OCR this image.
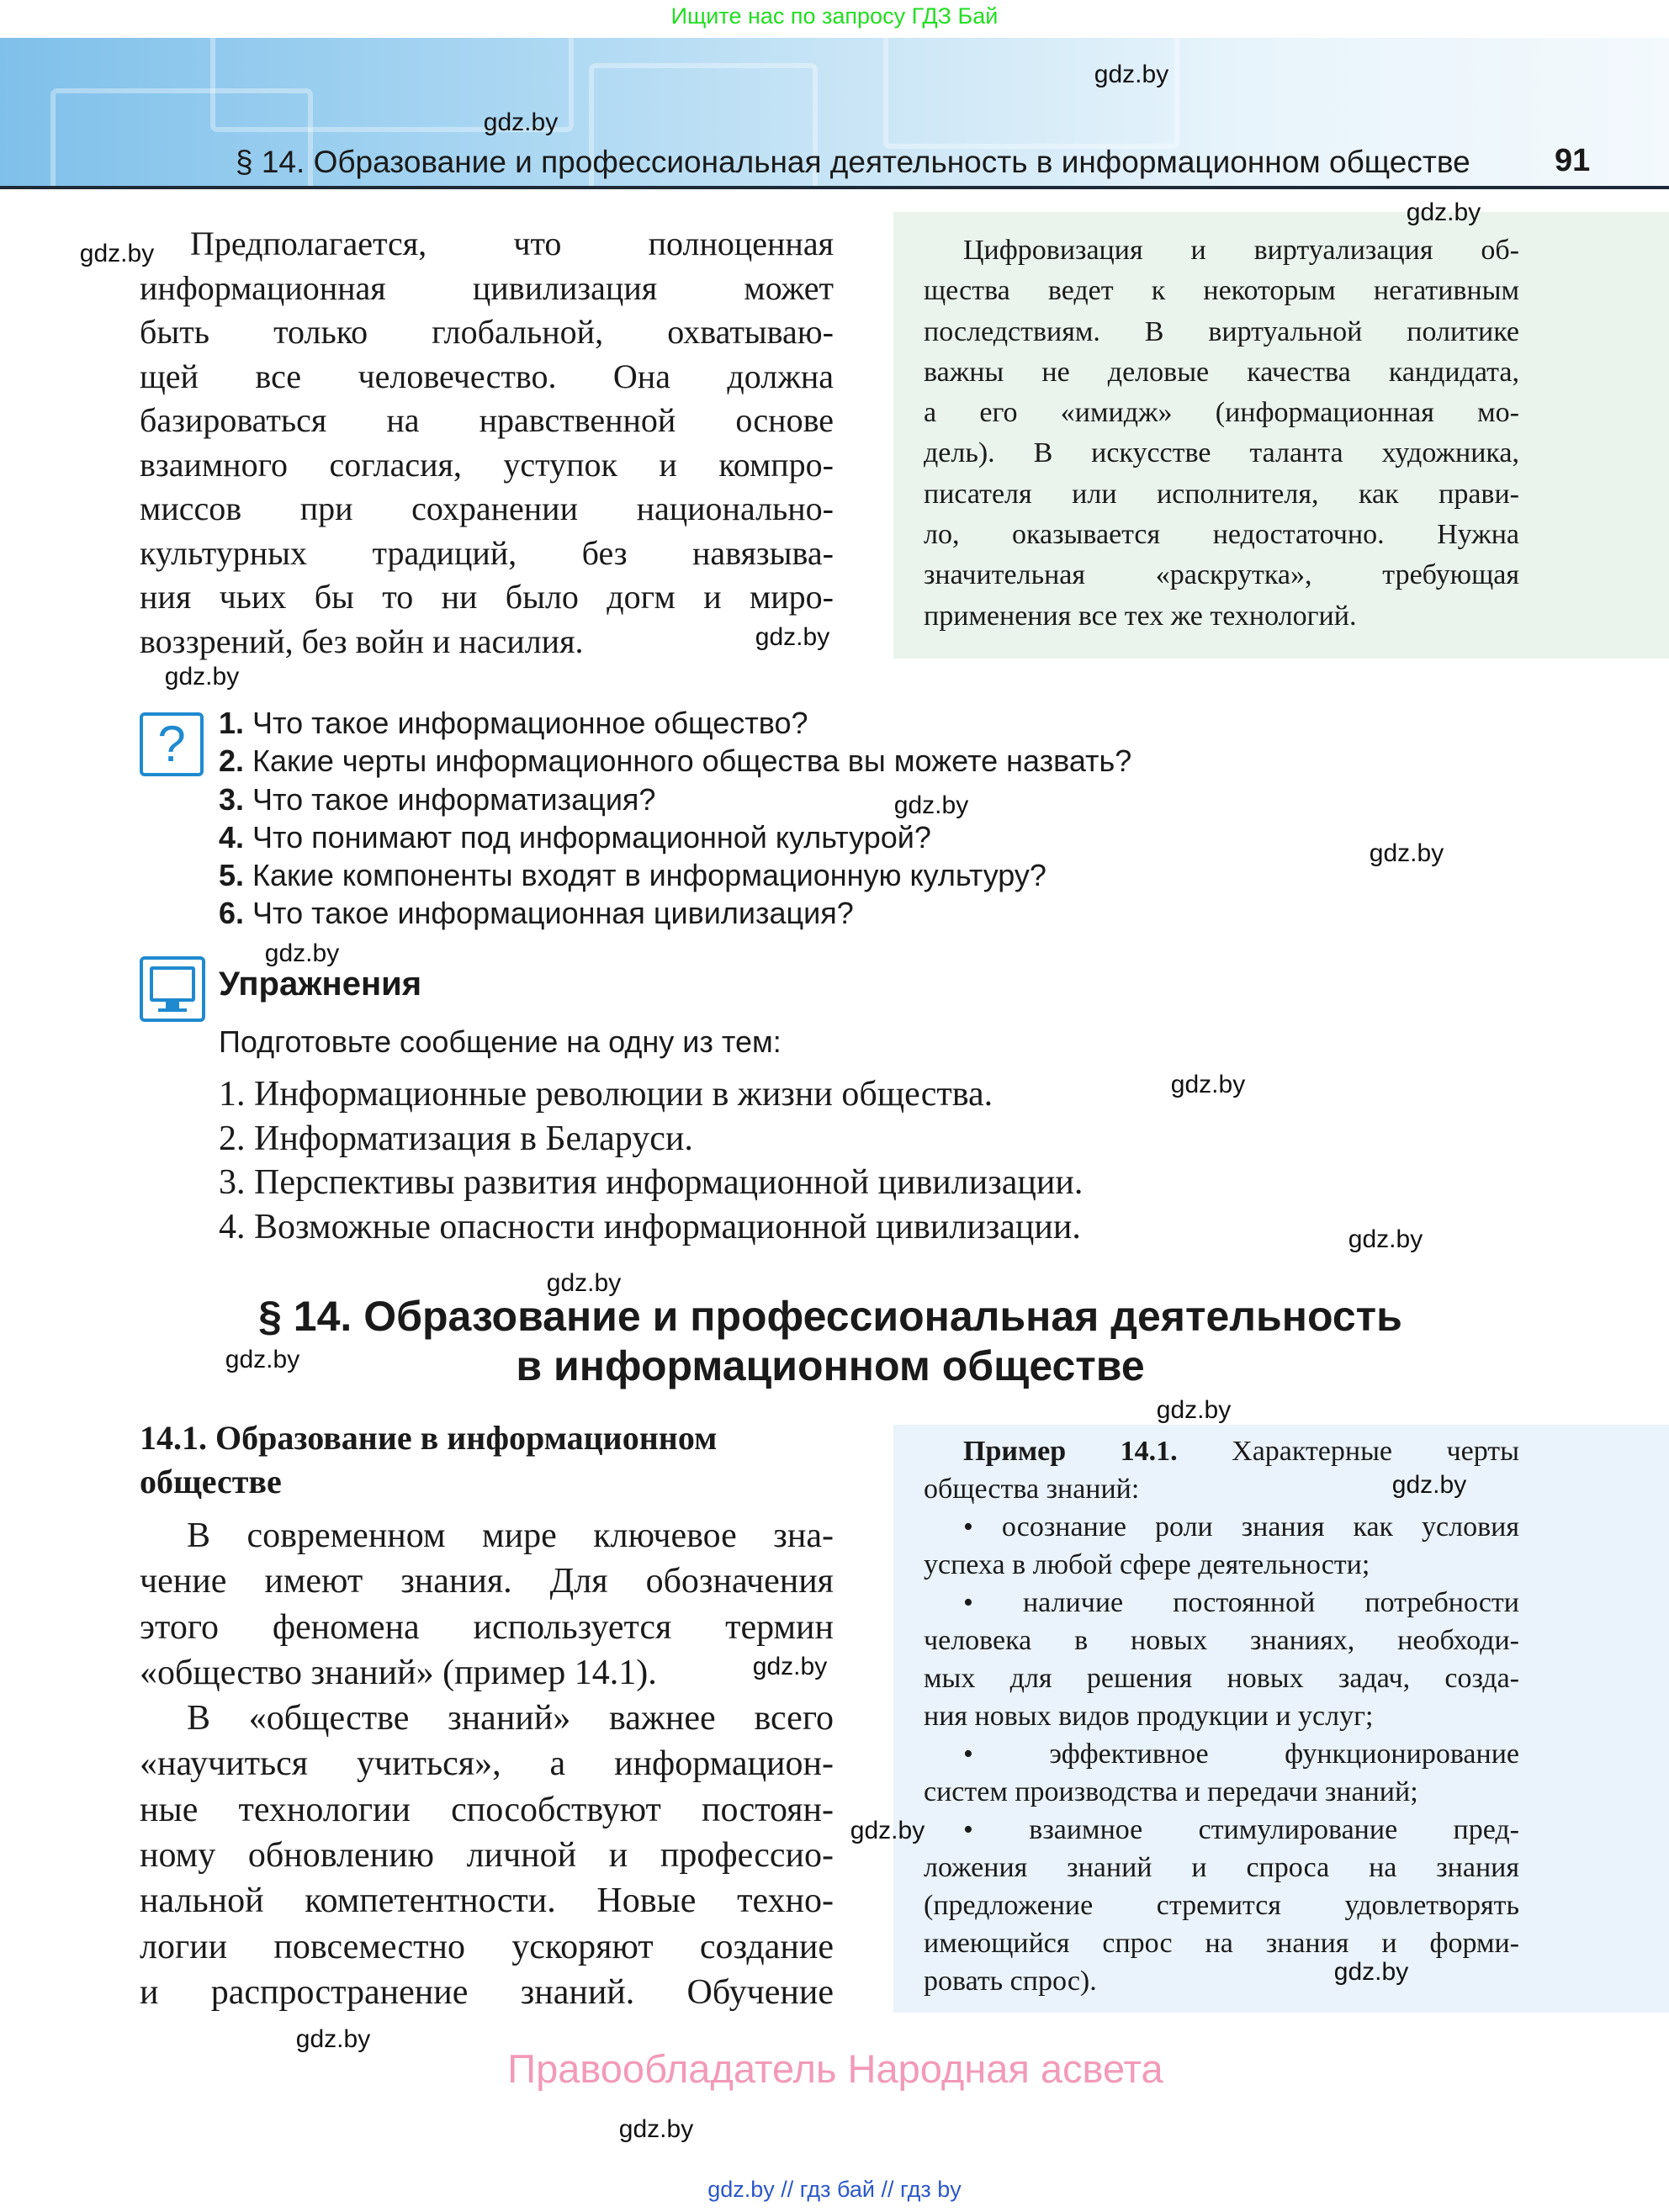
Ищите нас по запросу ГДЗ Бай
§ 14. Образование и профессиональная деятельность в информационном обществе	91
Предполагается, что полноценная
информационная цивилизация может
быть только глобальной, охватываю-
щей все человечество. Она должна
базироваться на нравственной основе
взаимного согласия, уступок и компро-
миссов при сохранении национально-
культурных традиций, без навязыва-
ния чьих бы то ни было догм и миро-
воззрений, без войн и насилия.
Цифровизация и виртуализация об-
щества ведет к некоторым негативным
последствиям. В виртуальной политике
важны не деловые качества кандидата,
а его «имидж» (информационная мо-
дель). В искусстве таланта художника,
писателя или исполнителя, как прави-
ло, оказывается недостаточно. Нужна
значительная «раскрутка», требующая
применения все тех же технологий.
?	1. Что такое информационное общество?
2. Какие черты информационного общества вы можете назвать?
3. Что такое информатизация?
4. Что понимают под информационной культурой?
5. Какие компоненты входят в информационную культуру?
6. Что такое информационная цивилизация?
Упражнения
Подготовьте сообщение на одну из тем:
1. Информационные революции в жизни общества.
2. Информатизация в Беларуси.
3. Перспективы развития информационной цивилизации.
4. Возможные опасности информационной цивилизации.
§ 14. Образование и профессиональная деятельность
в информационном обществе
14.1. Образование в информационном
обществе
В современном мире ключевое зна-
чение имеют знания. Для обозначения
этого феномена используется термин
«общество знаний» (пример 14.1).
В «обществе знаний» важнее всего
«научиться учиться», а информацион-
ные технологии способствуют постоян-
ному обновлению личной и профессио-
нальной компетентности. Новые техно-
логии повсеместно ускоряют создание
и распространение знаний. Обучение
Пример 14.1. Характерные черты
общества знаний:
• осознание роли знания как условия
успеха в любой сфере деятельности;
• наличие постоянной потребности
человека в новых знаниях, необходи-
мых для решения новых задач, созда-
ния новых видов продукции и услуг;
• эффективное функционирование
систем производства и передачи знаний;
• взаимное стимулирование пред-
ложения знаний и спроса на знания
(предложение стремится удовлетворять
имеющийся спрос на знания и форми-
ровать спрос).
Правообладатель Народная асвета
gdz.by // гдз бай // гдз by
gdz.by
gdz.by
gdz.by
gdz.by
gdz.by
gdz.by
gdz.by
gdz.by
gdz.by
gdz.by
gdz.by
gdz.by
gdz.by
gdz.by
gdz.by
gdz.by
gdz.by
gdz.by
gdz.by
gdz.by
